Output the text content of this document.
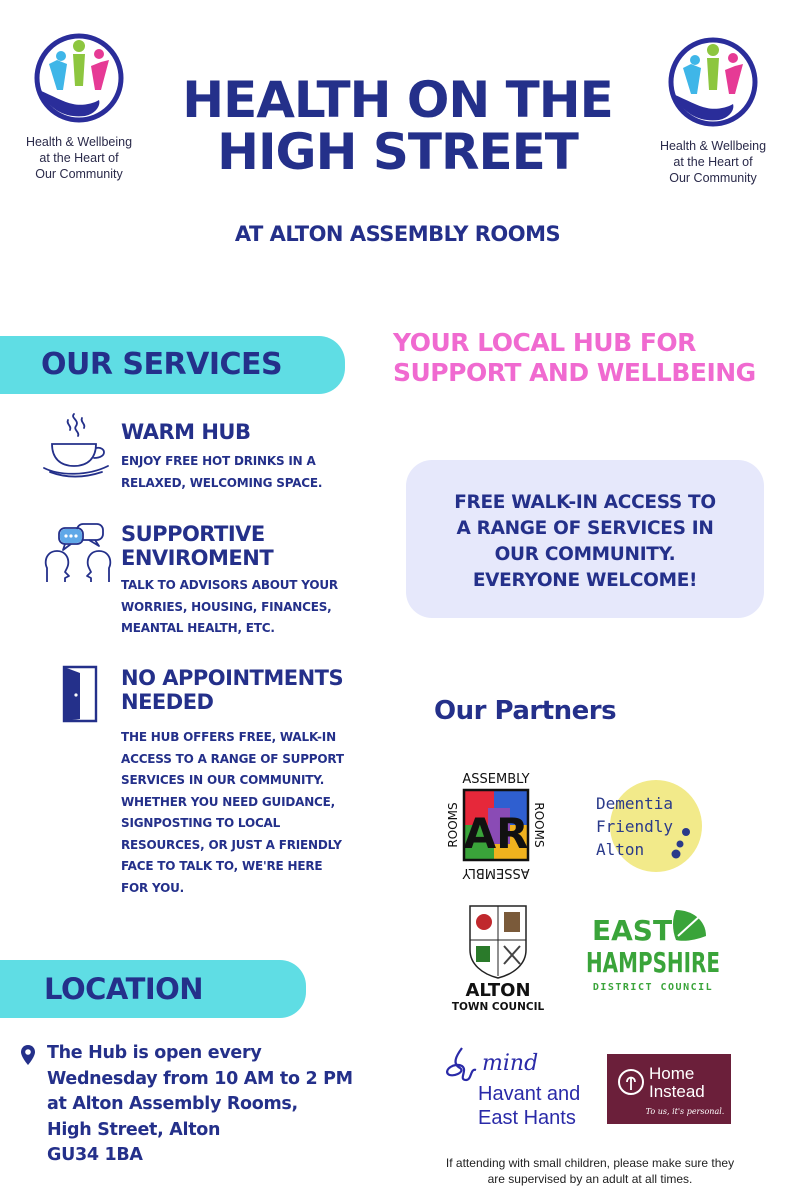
Health & Wellbeing
at the Heart of
Our Community
Health & Wellbeing
at the Heart of
Our Community
HEALTH ON THE
HIGH STREET
AT ALTON ASSEMBLY ROOMS
OUR SERVICES
YOUR LOCAL HUB FOR
SUPPORT AND WELLBEING
WARM HUB
ENJOY FREE HOT DRINKS IN A
RELAXED, WELCOMING SPACE.
SUPPORTIVE
ENVIROMENT
TALK TO ADVISORS ABOUT YOUR
WORRIES, HOUSING, FINANCES,
MEANTAL HEALTH, ETC.
NO APPOINTMENTS
NEEDED
THE HUB OFFERS FREE, WALK-IN
ACCESS TO A RANGE OF SUPPORT
SERVICES IN OUR COMMUNITY.
WHETHER YOU NEED GUIDANCE,
SIGNPOSTING TO LOCAL
RESOURCES, OR JUST A FRIENDLY
FACE TO TALK TO, WE'RE HERE
FOR YOU.
FREE WALK-IN ACCESS TO
A RANGE OF SERVICES IN
OUR COMMUNITY.
EVERYONE WELCOME!
Our Partners
ASSEMBLY
ASSEMBLY
ROOMS	ROOMS
AR
Dementia
Friendly
Alton
ALTON
TOWN COUNCIL
EAST
HAMPSHIRE
DISTRICT COUNCIL
mind
Havant and
East Hants
Home
Instead
To us, it's personal.
LOCATION
The Hub is open every
Wednesday from 10 AM to 2 PM
at Alton Assembly Rooms,
High Street, Alton
GU34 1BA	If attending with small children, please make sure they
are supervised by an adult at all times.
